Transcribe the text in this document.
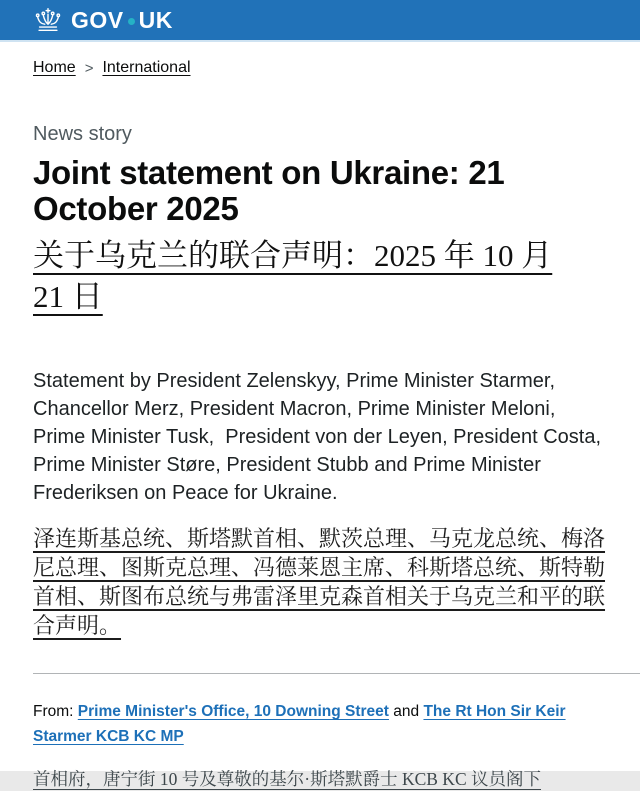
GOV UK
Home > International

News story

Joint statement on Ukraine: 21 October 2025
关于乌克兰的联合声明：2025 年 10 月 21 日

Statement by President Zelenskyy, Prime Minister Starmer, Chancellor Merz, President Macron, Prime Minister Meloni, Prime Minister Tusk,  President von der Leyen, President Costa, Prime Minister Støre, President Stubb and Prime Minister Frederiksen on Peace for Ukraine.

泽连斯基总统、斯塔默首相、默茨总理、马克龙总统、梅洛尼总理、图斯克总理、冯德莱恩主席、科斯塔总统、斯特勒首相、斯图布总统与弗雷泽里克森首相关于乌克兰和平的联合声明。

From: Prime Minister's Office, 10 Downing Street and The Rt Hon Sir Keir Starmer KCB KC MP

首相府，唐宁街 10 号及尊敬的基尔·斯塔默爵士 KCB KC 议员阁下
